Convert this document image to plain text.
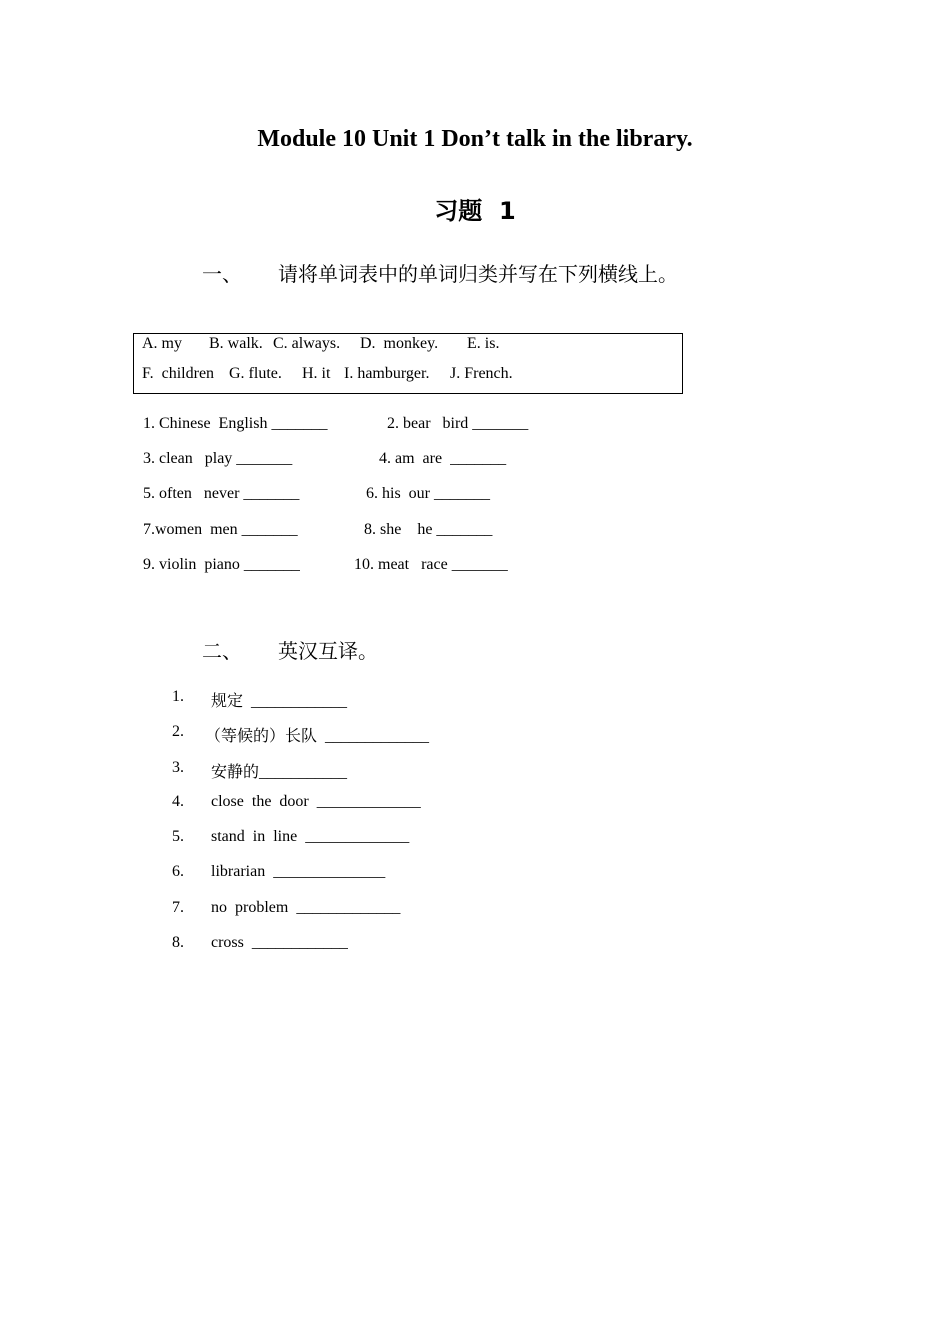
Module 10 Unit 1 Don’t talk in the library.
习题  1
一、 请将单词表中的单词归类并写在下列横线上。
A. my B. walk. C. always. D.  monkey. E. is.
F.  children G. flute. H. it I. hamburger. J. French.
1. Chinese  English _______	2. bear   bird _______
3. clean   play _______	4. am  are  _______
5. often   never _______	6. his  our _______
7.women  men _______	8. she    he _______
9. violin  piano _______	10. meat   race _______
二、 英汉互译。
1. 规定  ____________
2. （等候的）长队  _____________
3. 安静的___________
4. close  the  door  _____________
5. stand  in  line  _____________
6. librarian  ______________
7. no  problem  _____________
8. cross  ____________
